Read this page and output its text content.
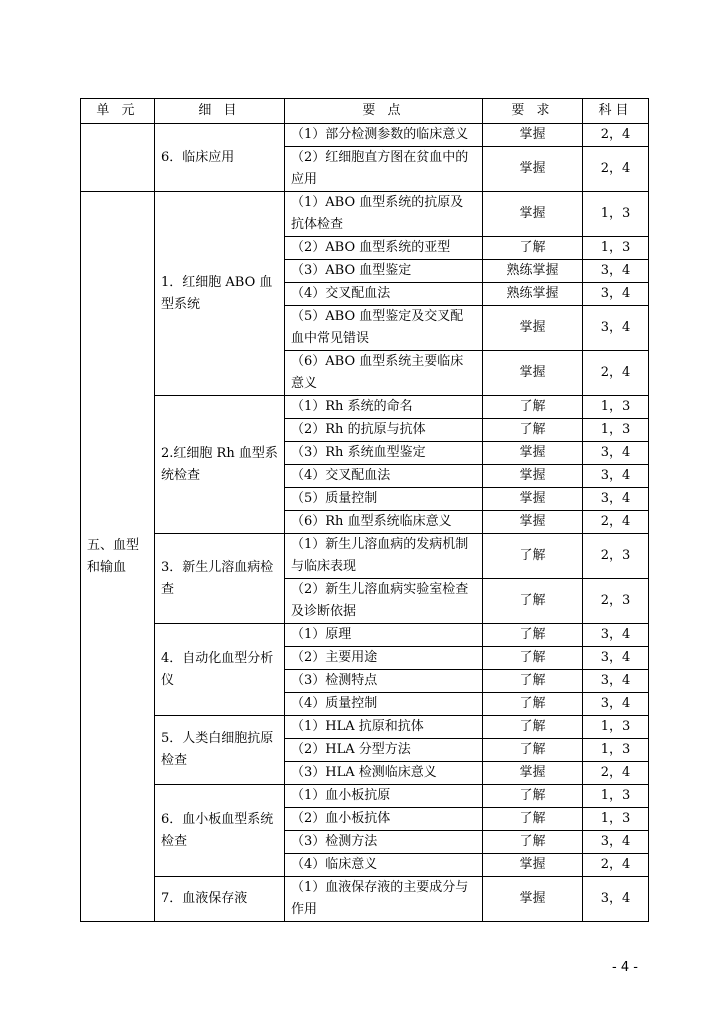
单 元	细 目	要 点	要 求	科目
	6．临床应用	（1）部分检测参数的临床意义	掌握	2，4
		（2）红细胞直方图在贫血中的应用	掌握	2，4
五、血型和输血	1．红细胞 ABO 血型系统	（1）ABO 血型系统的抗原及抗体检查	掌握	1，3
		（2）ABO 血型系统的亚型	了解	1，3
		（3）ABO 血型鉴定	熟练掌握	3，4
		（4）交叉配血法	熟练掌握	3，4
		（5）ABO 血型鉴定及交叉配血中常见错误	掌握	3，4
		（6）ABO 血型系统主要临床意义	掌握	2，4
	2.红细胞 Rh 血型系统检查	（1）Rh 系统的命名	了解	1，3
		（2）Rh 的抗原与抗体	了解	1，3
		（3）Rh 系统血型鉴定	掌握	3，4
		（4）交叉配血法	掌握	3，4
		（5）质量控制	掌握	3，4
		（6）Rh 血型系统临床意义	掌握	2，4
	3．新生儿溶血病检查	（1）新生儿溶血病的发病机制与临床表现	了解	2，3
		（2）新生儿溶血病实验室检查及诊断依据	了解	2，3
	4．自动化血型分析仪	（1）原理	了解	3，4
		（2）主要用途	了解	3，4
		（3）检测特点	了解	3，4
		（4）质量控制	了解	3，4
	5．人类白细胞抗原检查	（1）HLA 抗原和抗体	了解	1，3
		（2）HLA 分型方法	了解	1，3
		（3）HLA 检测临床意义	掌握	2，4
	6．血小板血型系统检查	（1）血小板抗原	了解	1，3
		（2）血小板抗体	了解	1，3
		（3）检测方法	了解	3，4
		（4）临床意义	掌握	2，4
	7．血液保存液	（1）血液保存液的主要成分与作用	掌握	3，4
- 4 -
